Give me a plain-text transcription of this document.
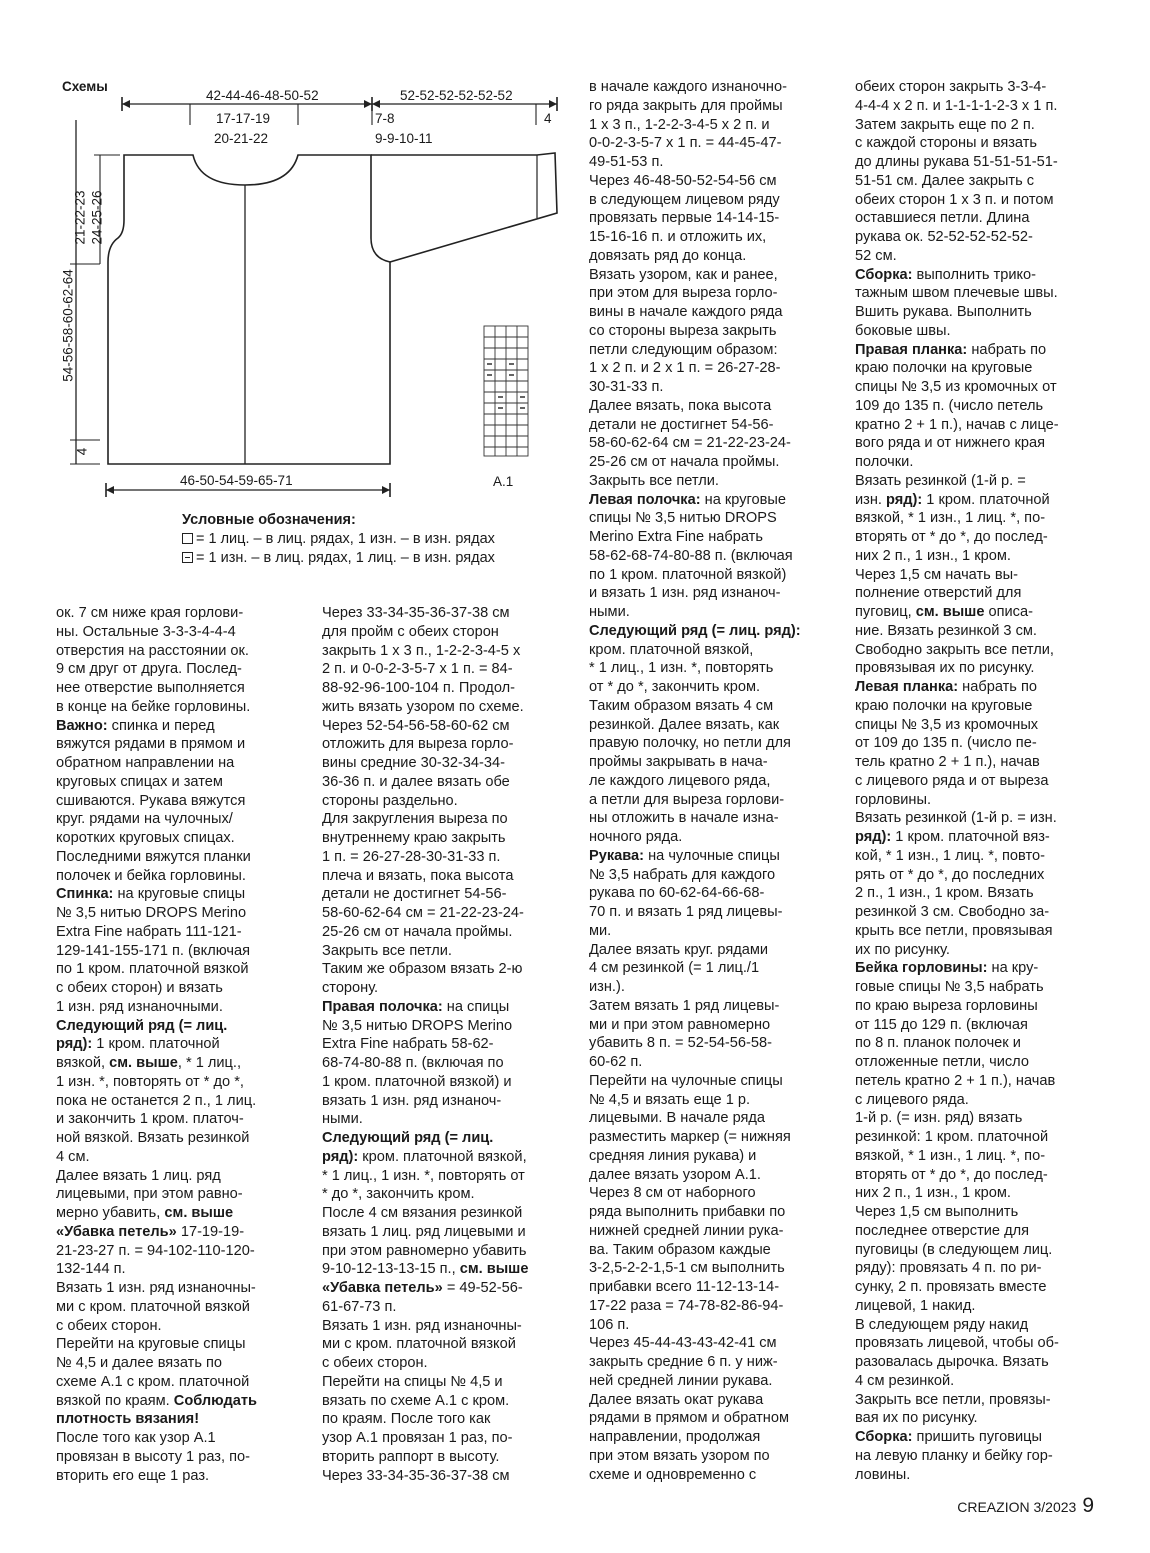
Схемы
42-44-46-48-50-52
17-17-19
20-21-22
52-52-52-52-52-52
7-8
9-9-10-11
4
21-22-23 24-25-26
54-56-58-60-62-64
4
46-50-54-59-65-71	A.1
Условные обозначения:
= 1 лиц. – в лиц. рядах, 1 изн. – в изн. рядах
= 1 изн. – в лиц. рядах, 1 лиц. – в изн. рядах

ок. 7 см ниже края горлови-

ны. Остальные 3-3-3-4-4-4

отверстия на расстоянии ок.

9 см друг от друга. Послед-

нее отверстие выполняется

в конце на бейке горловины.

Важно: спинка и перед

вяжутся рядами в прямом и

обратном направлении на

круговых спицах и затем

сшиваются. Рукава вяжутся

круг. рядами на чулочных/

коротких круговых спицах.

Последними вяжутся планки

полочек и бейка горловины.

Спинка: на круговые спицы

№ 3,5 нитью DROPS Merino

Extra Fine набрать 111-121-

129-141-155-171 п. (включая

по 1 кром. платочной вязкой

с обеих сторон) и вязать

1 изн. ряд изнаночными.

Следующий ряд (= лиц.

ряд): 1 кром. платочной

вязкой, см. выше, * 1 лиц.,

1 изн. *, повторять от * до *,

пока не останется 2 п., 1 лиц.

и закончить 1 кром. платоч-

ной вязкой. Вязать резинкой

4 см.

Далее вязать 1 лиц. ряд

лицевыми, при этом равно-

мерно убавить, см. выше

«Убавка петель» 17-19-19-

21-23-27 п. = 94-102-110-120-

132-144 п.

Вязать 1 изн. ряд изнаночны-

ми с кром. платочной вязкой

с обеих сторон.

Перейти на круговые спицы

№ 4,5 и далее вязать по

схеме А.1 с кром. платочной

вязкой по краям. Соблюдать

плотность вязания!

После того как узор А.1

провязан в высоту 1 раз, по-

вторить его еще 1 раз.

Через 33-34-35-36-37-38 см

для пройм с обеих сторон

закрыть 1 х 3 п., 1-2-2-3-4-5 х

2 п. и 0-0-2-3-5-7 х 1 п. = 84-

88-92-96-100-104 п. Продол-

жить вязать узором по схеме.

Через 52-54-56-58-60-62 см

отложить для выреза горло-

вины средние 30-32-34-34-

36-36 п. и далее вязать обе

стороны раздельно.

Для закругления выреза по

внутреннему краю закрыть

1 п. = 26-27-28-30-31-33 п.

плеча и вязать, пока высота

детали не достигнет 54-56-

58-60-62-64 см = 21-22-23-24-

25-26 см от начала проймы.

Закрыть все петли.

Таким же образом вязать 2-ю

сторону.

Правая полочка: на спицы

№ 3,5 нитью DROPS Merino

Extra Fine набрать 58-62-

68-74-80-88 п. (включая по

1 кром. платочной вязкой) и

вязать 1 изн. ряд изнаноч-

ными.

Следующий ряд (= лиц.

ряд): кром. платочной вязкой,

* 1 лиц., 1 изн. *, повторять от

* до *, закончить кром.

После 4 см вязания резинкой

вязать 1 лиц. ряд лицевыми и

при этом равномерно убавить

9-10-12-13-13-15 п., см. выше

«Убавка петель» = 49-52-56-

61-67-73 п.

Вязать 1 изн. ряд изнаночны-

ми с кром. платочной вязкой

с обеих сторон.

Перейти на спицы № 4,5 и

вязать по схеме А.1 с кром.

по краям. После того как

узор А.1 провязан 1 раз, по-

вторить раппорт в высоту.

Через 33-34-35-36-37-38 см

в начале каждого изнаночно-

го ряда закрыть для проймы

1 х 3 п., 1-2-2-3-4-5 х 2 п. и

0-0-2-3-5-7 х 1 п. = 44-45-47-

49-51-53 п.

Через 46-48-50-52-54-56 см

в следующем лицевом ряду

провязать первые 14-14-15-

15-16-16 п. и отложить их,

довязать ряд до конца.

Вязать узором, как и ранее,

при этом для выреза горло-

вины в начале каждого ряда

со стороны выреза закрыть

петли следующим образом:

1 х 2 п. и 2 х 1 п. = 26-27-28-

30-31-33 п.

Далее вязать, пока высота

детали не достигнет 54-56-

58-60-62-64 см = 21-22-23-24-

25-26 см от начала проймы.

Закрыть все петли.

Левая полочка: на круговые

спицы № 3,5 нитью DROPS

Merino Extra Fine набрать

58-62-68-74-80-88 п. (включая

по 1 кром. платочной вязкой)

и вязать 1 изн. ряд изнаноч-

ными.

Следующий ряд (= лиц. ряд):

кром. платочной вязкой,

* 1 лиц., 1 изн. *, повторять

от * до *, закончить кром.

Таким образом вязать 4 см

резинкой. Далее вязать, как

правую полочку, но петли для

проймы закрывать в нача-

ле каждого лицевого ряда,

а петли для выреза горлови-

ны отложить в начале изна-

ночного ряда.

Рукава: на чулочные спицы

№ 3,5 набрать для каждого

рукава по 60-62-64-66-68-

70 п. и вязать 1 ряд лицевы-

ми.

Далее вязать круг. рядами

4 см резинкой (= 1 лиц./1

изн.).

Затем вязать 1 ряд лицевы-

ми и при этом равномерно

убавить 8 п. = 52-54-56-58-

60-62 п.

Перейти на чулочные спицы

№ 4,5 и вязать еще 1 р.

лицевыми. В начале ряда

разместить маркер (= нижняя

средняя линия рукава) и

далее вязать узором А.1.

Через 8 см от наборного

ряда выполнить прибавки по

нижней средней линии рука-

ва. Таким образом каждые

3-2,5-2-2-1,5-1 см выполнить

прибавки всего 11-12-13-14-

17-22 раза = 74-78-82-86-94-

106 п.

Через 45-44-43-43-42-41 см

закрыть средние 6 п. у ниж-

ней средней линии рукава.

Далее вязать окат рукава

рядами в прямом и обратном

направлении, продолжая

при этом вязать узором по

схеме и одновременно с

обеих сторон закрыть 3-3-4-

4-4-4 х 2 п. и 1-1-1-1-2-3 х 1 п.

Затем закрыть еще по 2 п.

с каждой стороны и вязать

до длины рукава 51-51-51-51-

51-51 см. Далее закрыть с

обеих сторон 1 х 3 п. и потом

оставшиеся петли. Длина

рукава ок. 52-52-52-52-52-

52 см.

Сборка: выполнить трико-

тажным швом плечевые швы.

Вшить рукава. Выполнить

боковые швы.

Правая планка: набрать по

краю полочки на круговые

спицы № 3,5 из кромочных от

109 до 135 п. (число петель

кратно 2 + 1 п.), начав с лице-

вого ряда и от нижнего края

полочки.

Вязать резинкой (1-й р. =

изн. ряд): 1 кром. платочной

вязкой, * 1 изн., 1 лиц. *, по-

вторять от * до *, до послед-

них 2 п., 1 изн., 1 кром.

Через 1,5 см начать вы-

полнение отверстий для

пуговиц, см. выше описа-

ние. Вязать резинкой 3 см.

Свободно закрыть все петли,

провязывая их по рисунку.

Левая планка: набрать по

краю полочки на круговые

спицы № 3,5 из кромочных

от 109 до 135 п. (число пе-

тель кратно 2 + 1 п.), начав

с лицевого ряда и от выреза

горловины.

Вязать резинкой (1-й р. = изн.

ряд): 1 кром. платочной вяз-

кой, * 1 изн., 1 лиц. *, повто-

рять от * до *, до последних

2 п., 1 изн., 1 кром. Вязать

резинкой 3 см. Свободно за-

крыть все петли, провязывая

их по рисунку.

Бейка горловины: на кру-

говые спицы № 3,5 набрать

по краю выреза горловины

от 115 до 129 п. (включая

по 8 п. планок полочек и

отложенные петли, число

петель кратно 2 + 1 п.), начав

с лицевого ряда.

1-й р. (= изн. ряд) вязать

резинкой: 1 кром. платочной

вязкой, * 1 изн., 1 лиц. *, по-

вторять от * до *, до послед-

них 2 п., 1 изн., 1 кром.

Через 1,5 см выполнить

последнее отверстие для

пуговицы (в следующем лиц.

ряду): провязать 4 п. по ри-

сунку, 2 п. провязать вместе

лицевой, 1 накид.

В следующем ряду накид

провязать лицевой, чтобы об-

разовалась дырочка. Вязать

4 см резинкой.

Закрыть все петли, провязы-

вая их по рисунку.

Сборка: пришить пуговицы

на левую планку и бейку гор-

ловины.

CREAZION 3/2023 9
